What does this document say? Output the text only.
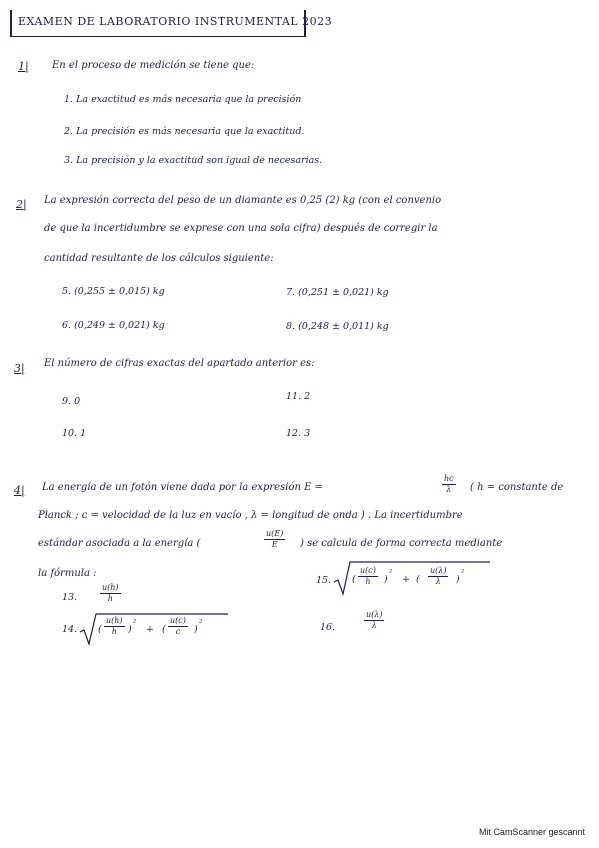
EXAMEN DE LABORATORIO INSTRUMENTAL 2023
1| En el proceso de medición se tiene que:
1. La exactitud es más necesaria que la precisión
2. La precisión es más necesaria que la exactitud.
3. La precisión y la exactitud son igual de necesarias.
2| La expresión correcta del peso de un diamante es 0,25 (2) kg (con el convenio
de que la incertidumbre se exprese con una sola cifra) después de corregir la
cantidad resultante de los cálculos siguiente:
5. (0,255 ± 0,015) kg	7. (0,251 ± 0,021) kg
6. (0,249 ± 0,021) kg	8. (0,248 ± 0,011) kg
3| El número de cifras exactas del apartado anterior es:
9. 0	11. 2
10. 1	12. 3
4| La energía de un fotón viene dada por la expresión E =	$\frac{hc}{\lambda}$ ( h = constante de
Planck ; c = velocidad de la luz en vacío , λ = longitud de onda ) . La incertidumbre
estándar asociada a la energía (	$\frac{u(E)}{E}$ ) se calcula de forma correcta mediante
la fórmula :
13.	$\frac{u(h)}{h}$
14. ( $\frac{u(h)}{h}$ )
²
+ ( $\frac{u(c)}{c}$ )
²
15. ( $\frac{u(c)}{h}$ )
²
+ ( $\frac{u(\lambda)}{\lambda}$ )
²
16.	$\frac{u(\lambda)}{\lambda}$
Mit CamScanner gescannt
